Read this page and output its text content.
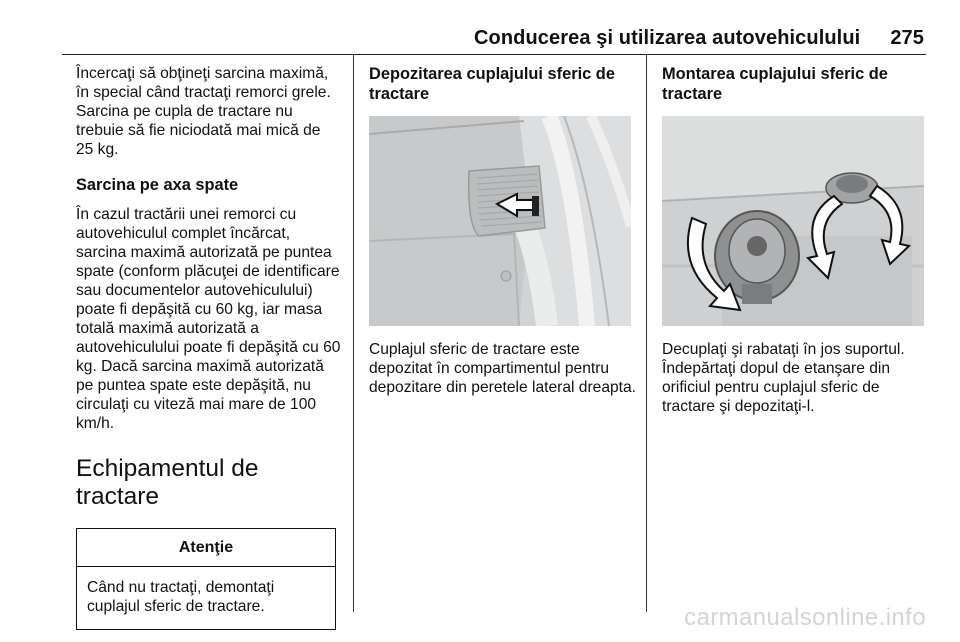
Conducerea şi utilizarea autovehiculului 275

Încercaţi să obţineţi sarcina maximă, în special când tractaţi remorci grele. Sarcina pe cupla de tractare nu trebuie să fie niciodată mai mică de 25 kg.

Sarcina pe axa spate

În cazul tractării unei remorci cu autovehiculul complet încărcat, sarcina maximă autorizată pe puntea spate (conform plăcuţei de identificare sau documentelor autovehiculului) poate fi depăşită cu 60 kg, iar masa totală maximă autorizată a autovehiculului poate fi depăşită cu 60 kg. Dacă sarcina maximă autorizată pe puntea spate este depăşită, nu circulaţi cu viteză mai mare de 100 km/h.

Echipamentul de tractare
Atenţie
Când nu tractaţi, demontaţi cuplajul sferic de tractare.
Depozitarea cuplajului sferic de tractare

Cuplajul sferic de tractare este depozitat în compartimentul pentru depozitare din peretele lateral dreapta.

Montarea cuplajului sferic de tractare

Decuplaţi şi rabataţi în jos suportul. Îndepărtaţi dopul de etanşare din orificiul pentru cuplajul sferic de tractare şi depozitaţi-l.

carmanualsonline.info
